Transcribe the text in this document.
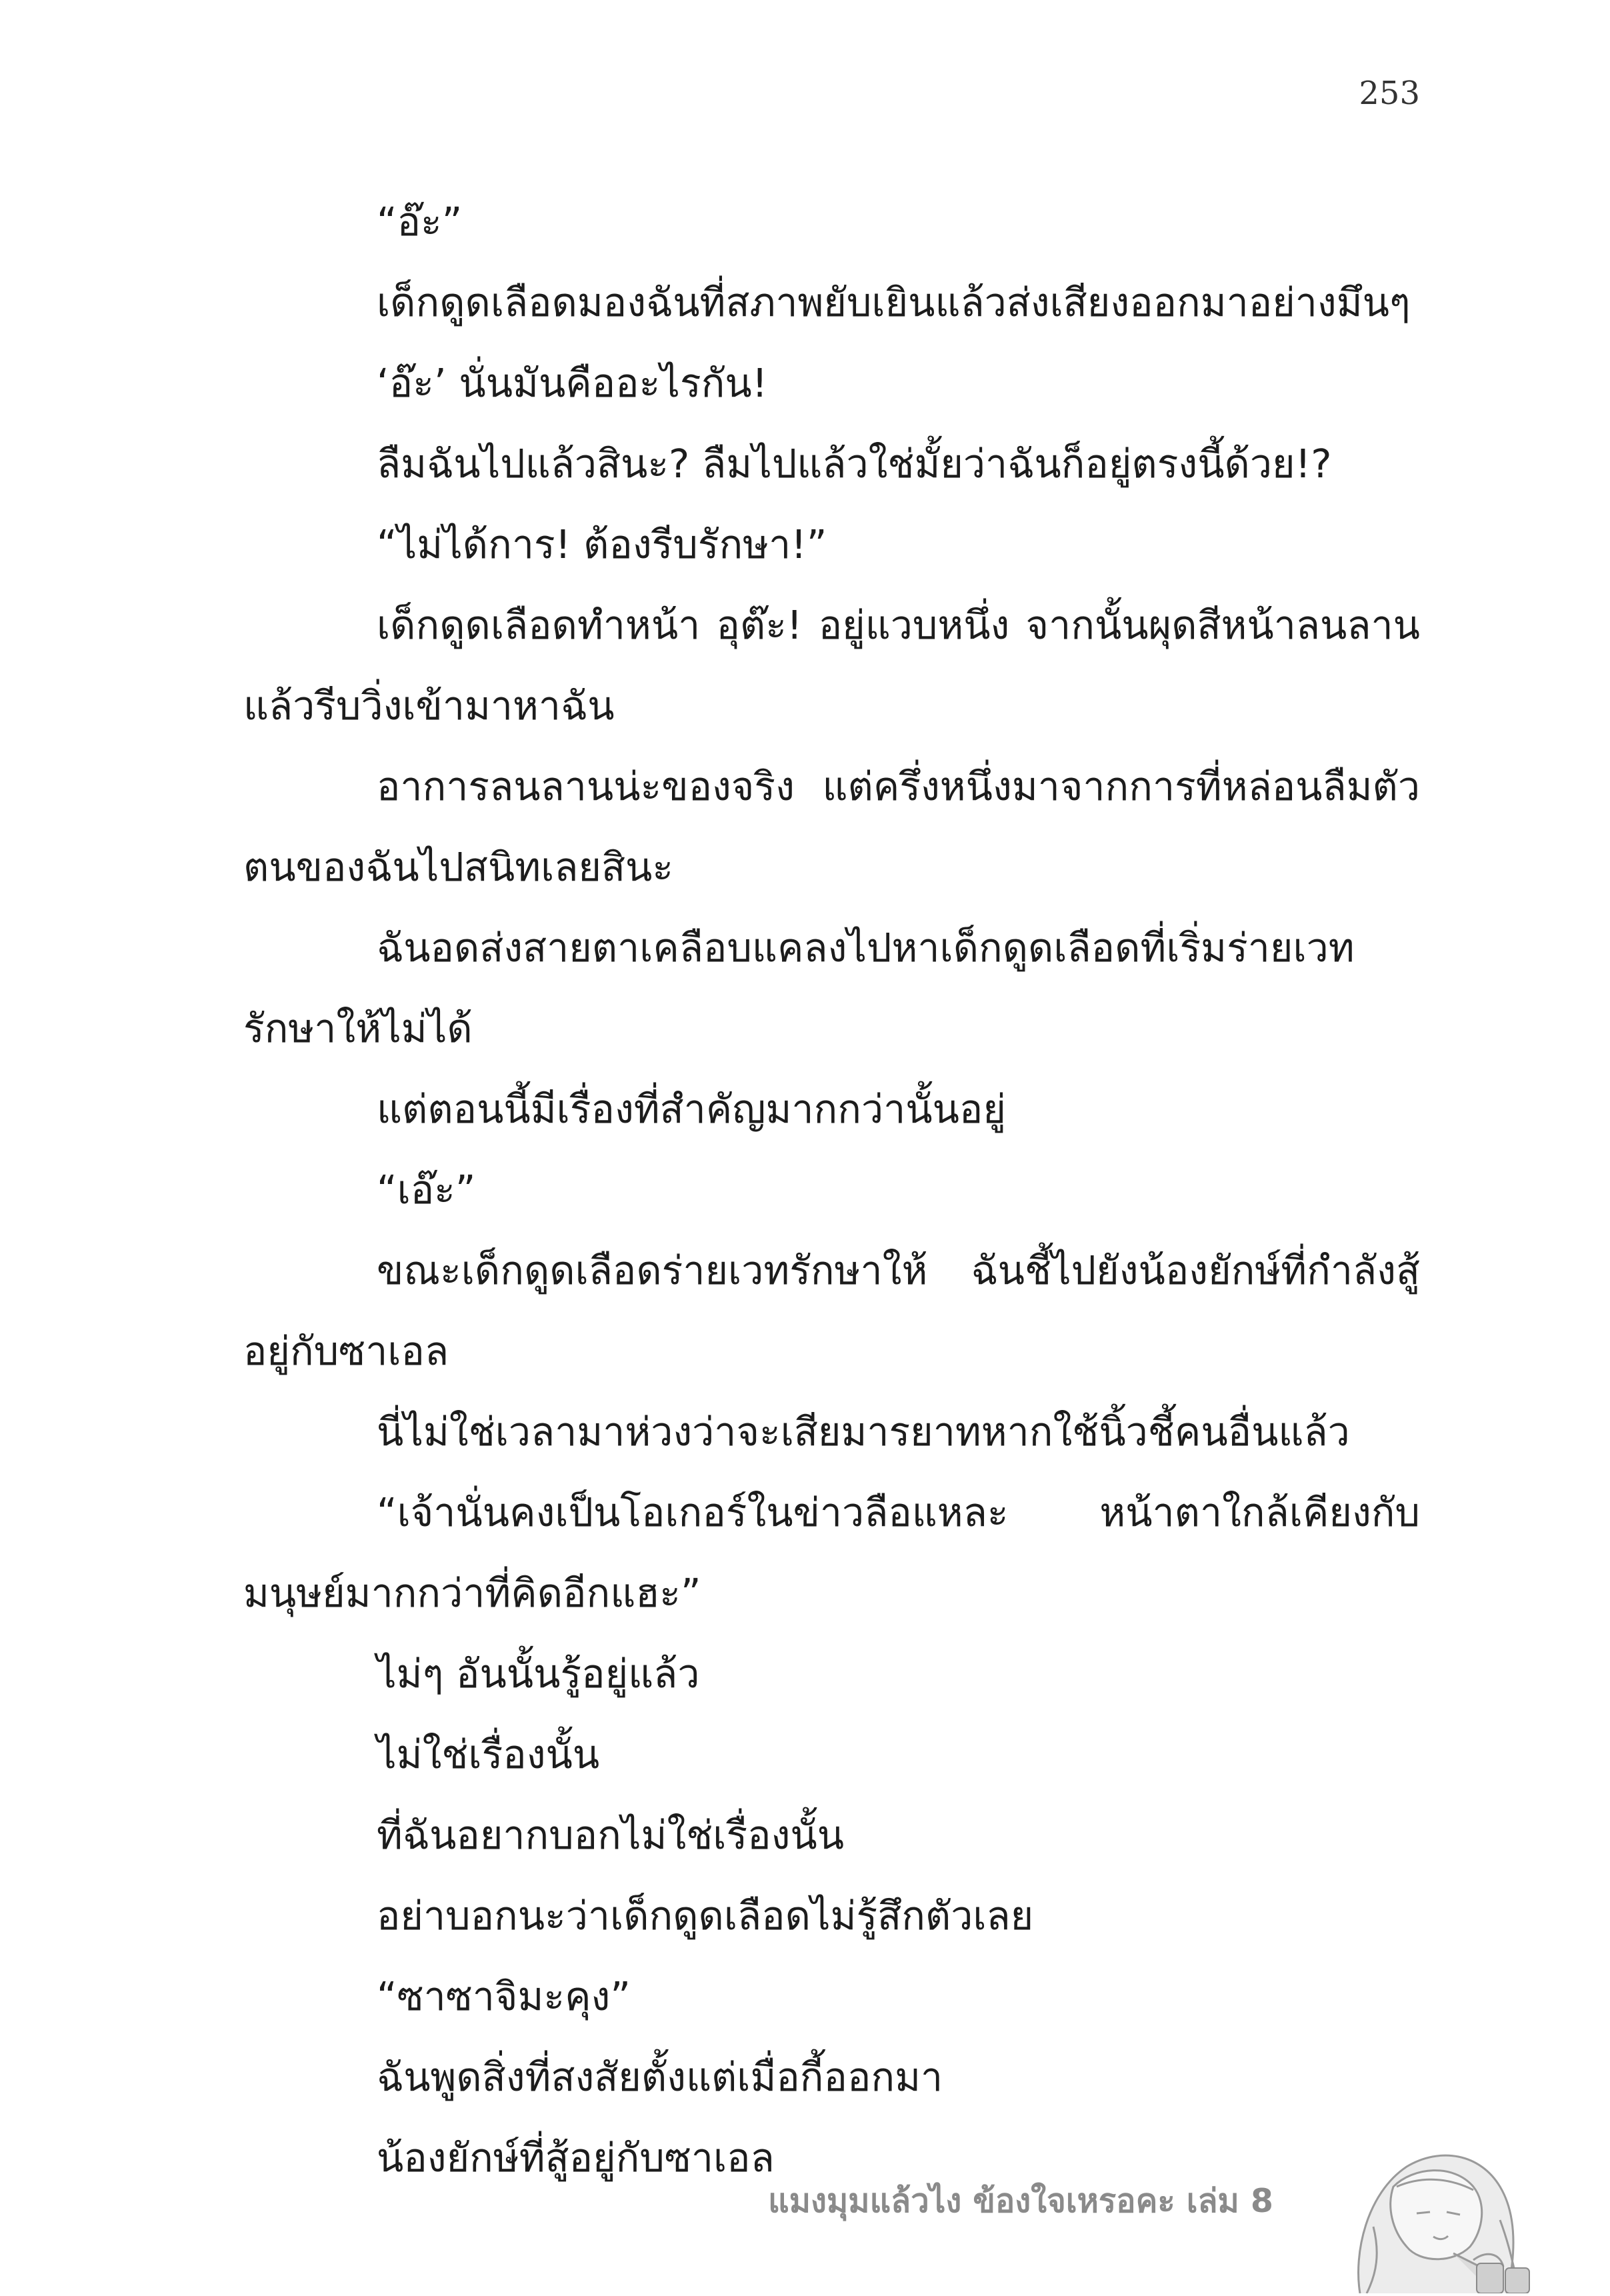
253

“อ๊ะ”

เด็กดูดเลือดมองฉันที่สภาพยับเยินแล้วส่งเสียงออกมาอย่างมึนๆ

‘อ๊ะ’ นั่นมันคืออะไรกัน!

ลืมฉันไปแล้วสินะ? ลืมไปแล้วใช่มั้ยว่าฉันก็อยู่ตรงนี้ด้วย!?

“ไม่ได้การ! ต้องรีบรักษา!”

เด็กดูดเลือดทำหน้า อุต๊ะ! อยู่แวบหนึ่ง จากนั้นผุดสีหน้าลนลานแล้วรีบวิ่งเข้ามาหาฉัน

อาการลนลานน่ะของจริง แต่ครึ่งหนึ่งมาจากการที่หล่อนลืมตัวตนของฉันไปสนิทเลยสินะ

ฉันอดส่งสายตาเคลือบแคลงไปหาเด็กดูดเลือดที่เริ่มร่ายเวทรักษาให้ไม่ได้

แต่ตอนนี้มีเรื่องที่สำคัญมากกว่านั้นอยู่

“เอ๊ะ”

ขณะเด็กดูดเลือดร่ายเวทรักษาให้ ฉันชี้ไปยังน้องยักษ์ที่กำลังสู้อยู่กับซาเอล

นี่ไม่ใช่เวลามาห่วงว่าจะเสียมารยาทหากใช้นิ้วชี้คนอื่นแล้ว

“เจ้านั่นคงเป็นโอเกอร์ในข่าวลือแหละ หน้าตาใกล้เคียงกับมนุษย์มากกว่าที่คิดอีกแฮะ”

ไม่ๆ อันนั้นรู้อยู่แล้ว

ไม่ใช่เรื่องนั้น

ที่ฉันอยากบอกไม่ใช่เรื่องนั้น

อย่าบอกนะว่าเด็กดูดเลือดไม่รู้สึกตัวเลย

“ซาซาจิมะคุง”

ฉันพูดสิ่งที่สงสัยตั้งแต่เมื่อกี้ออกมา

น้องยักษ์ที่สู้อยู่กับซาเอล

แมงมุมแล้วไง ข้องใจเหรอคะ เล่ม 8
